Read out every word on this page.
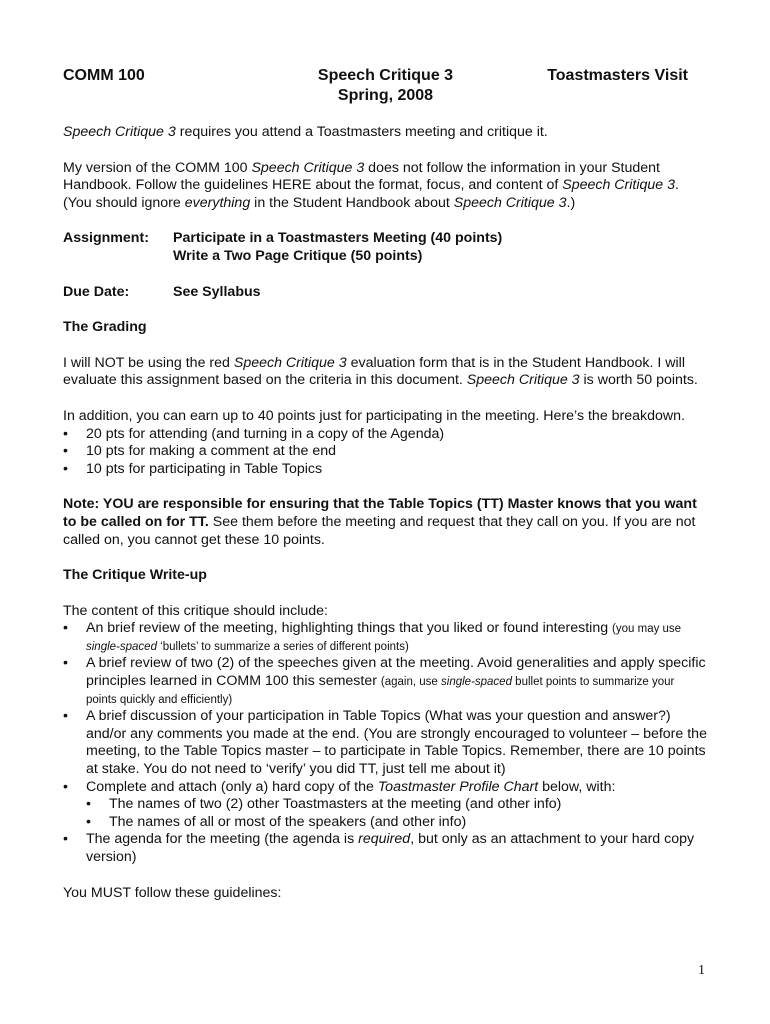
COMM 100	Speech Critique 3
Spring, 2008
Toastmasters Visit

Speech Critique 3 requires you attend a Toastmasters meeting and critique it.

My version of the COMM 100 Speech Critique 3 does not follow the information in your Student Handbook. Follow the guidelines HERE about the format, focus, and content of Speech Critique 3. (You should ignore everything in the Student Handbook about Speech Critique 3.)

Assignment:	Participate in a Toastmasters Meeting (40 points)
Write a Two Page Critique (50 points)
Due Date:	See Syllabus

The Grading

I will NOT be using the red Speech Critique 3 evaluation form that is in the Student Handbook. I will evaluate this assignment based on the criteria in this document. Speech Critique 3 is worth 50 points.

In addition, you can earn up to 40 points just for participating in the meeting. Here’s the breakdown.

• 20 pts for attending (and turning in a copy of the Agenda)
• 10 pts for making a comment at the end
• 10 pts for participating in Table Topics

Note: YOU are responsible for ensuring that the Table Topics (TT) Master knows that you want to be called on for TT. See them before the meeting and request that they call on you. If you are not called on, you cannot get these 10 points.

The Critique Write-up

The content of this critique should include:

• An brief review of the meeting, highlighting things that you liked or found interesting (you may use single-spaced ‘bullets’ to summarize a series of different points)
• A brief review of two (2) of the speeches given at the meeting. Avoid generalities and apply specific principles learned in COMM 100 this semester (again, use single-spaced bullet points to summarize your points quickly and efficiently)
• A brief discussion of your participation in Table Topics (What was your question and answer?) and/or any comments you made at the end. (You are strongly encouraged to volunteer – before the meeting, to the Table Topics master – to participate in Table Topics. Remember, there are 10 points at stake. You do not need to ‘verify’ you did TT, just tell me about it)
• Complete and attach (only a) hard copy of the Toastmaster Profile Chart below, with:
• The names of two (2) other Toastmasters at the meeting (and other info)
• The names of all or most of the speakers (and other info)
• The agenda for the meeting (the agenda is required, but only as an attachment to your hard copy version)

You MUST follow these guidelines:

1
